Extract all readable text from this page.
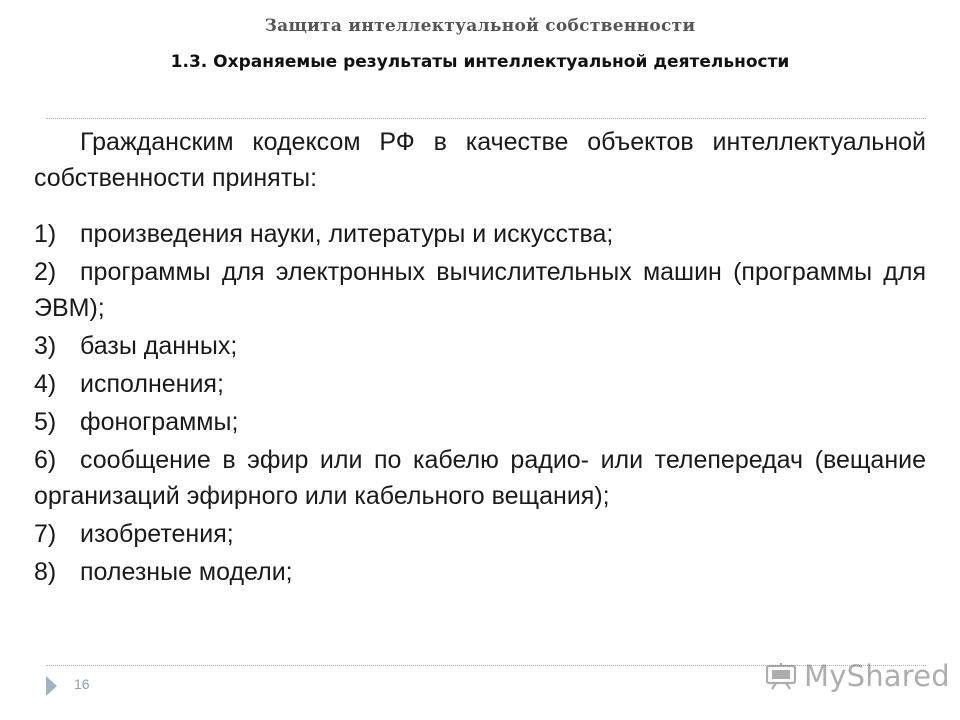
Защита интеллектуальной собственности
1.3. Охраняемые результаты интеллектуальной деятельности

Гражданским кодексом РФ в качестве объектов интеллектуальной собственности приняты:

1) произведения науки, литературы и искусства;
2) программы для электронных вычислительных машин (программы для ЭВМ);
3) базы данных;
4) исполнения;
5) фонограммы;
6) сообщение в эфир или по кабелю радио- или телепередач (вещание организаций эфирного или кабельного вещания);
7) изобретения;
8) полезные модели;
16	MyShared
